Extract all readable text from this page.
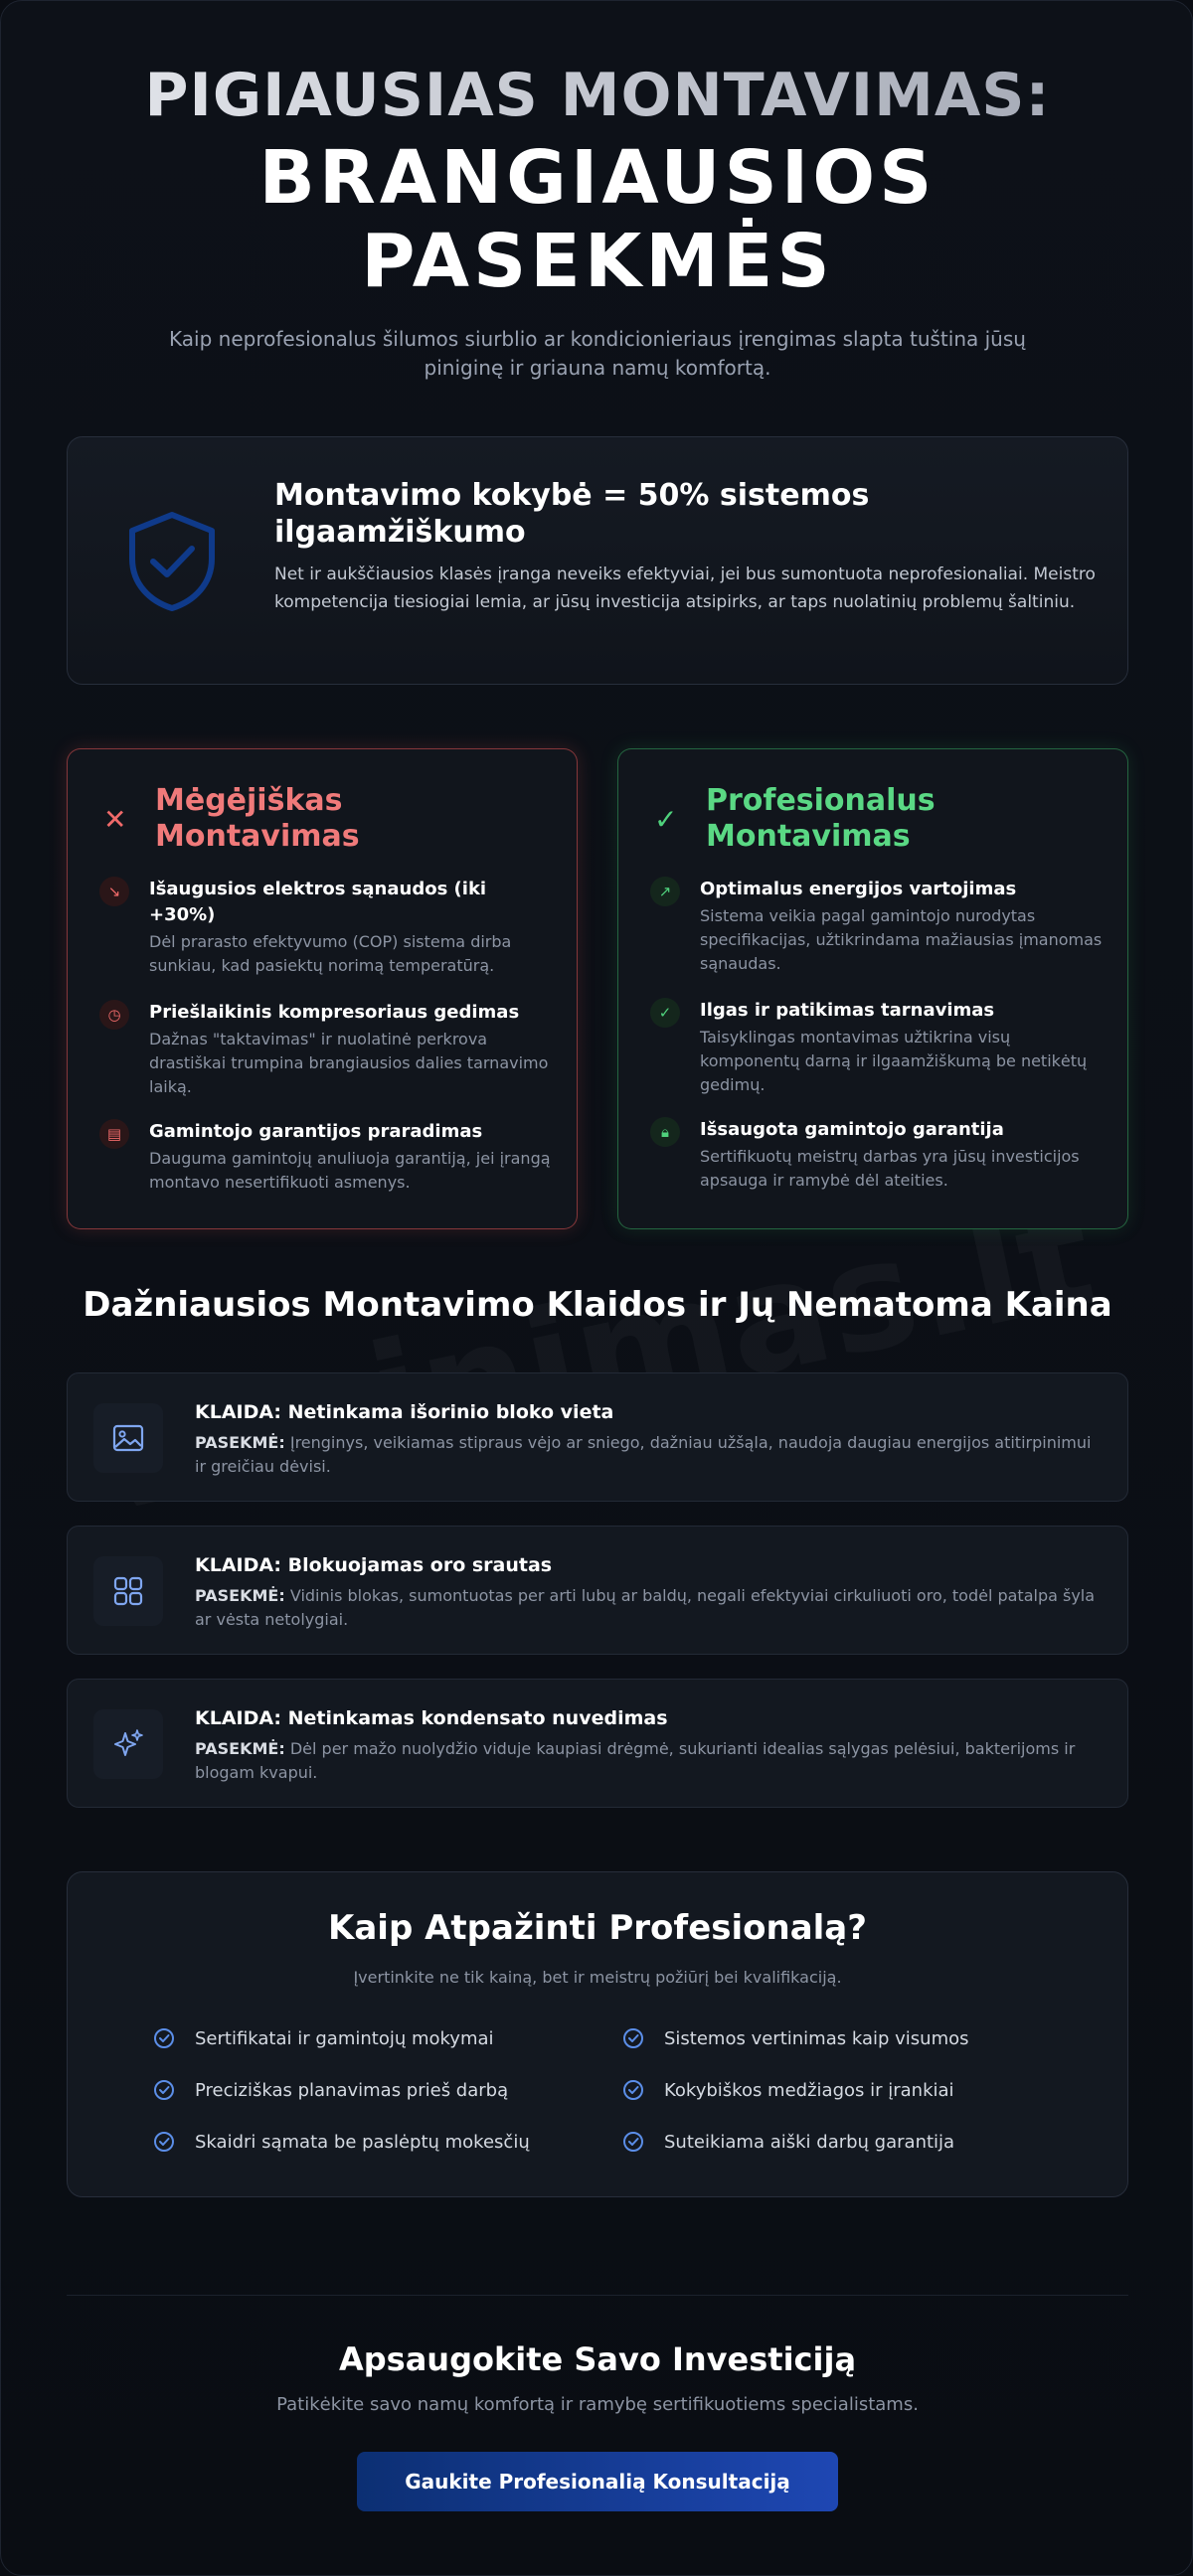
PIGIAUSIAS MONTAVIMAS:
BRANGIAUSIOS
PASEKMĖS
Kaip neprofesionalus šilumos siurblio ar kondicionieriaus įrengimas slapta tuština jūsų piniginę ir griauna namų komfortą.
Montavimo kokybė = 50% sistemos ilgaamžiškumo

Net ir aukščiausios klasės įranga neveiks efektyviai, jei bus sumontuota neprofesionaliai. Meistro kompetencija tiesiogiai lemia, ar jūsų investicija atsipirks, ar taps nuolatinių problemų šaltiniu.

✕
Mėgėjiškas Montavimas
↘	Išaugusios elektros sąnaudos (iki +30%)
Dėl prarasto efektyvumo (COP) sistema dirba sunkiau, kad pasiektų norimą temperatūrą.
◷	Priešlaikinis kompresoriaus gedimas
Dažnas "taktavimas" ir nuolatinė perkrova drastiškai trumpina brangiausios dalies tarnavimo laiką.
▤	Gamintojo garantijos praradimas
Dauguma gamintojų anuliuoja garantiją, jei įrangą montavo nesertifikuoti asmenys.
✓
Profesionalus Montavimas
↗	Optimalus energijos vartojimas
Sistema veikia pagal gamintojo nurodytas specifikacijas, užtikrindama mažiausias įmanomas sąnaudas.
✓	Ilgas ir patikimas tarnavimas
Taisyklingas montavimas užtikrina visų komponentų darną ir ilgaamžiškumą be netikėtų gedimų.
🔒︎	Išsaugota gamintojo garantija
Sertifikuotų meistrų darbas yra jūsų investicijos apsauga ir ramybė dėl ateities.
Dažniausios Montavimo Klaidos ir Jų Nematoma Kaina
KLAIDA: Netinkama išorinio bloko vieta
PASEKMĖ: Įrenginys, veikiamas stipraus vėjo ar sniego, dažniau užšąla, naudoja daugiau energijos atitirpinimui ir greičiau dėvisi.
KLAIDA: Blokuojamas oro srautas
PASEKMĖ: Vidinis blokas, sumontuotas per arti lubų ar baldų, negali efektyviai cirkuliuoti oro, todėl patalpa šyla ar vėsta netolygiai.
KLAIDA: Netinkamas kondensato nuvedimas
PASEKMĖ: Dėl per mažo nuolydžio viduje kaupiasi drėgmė, sukurianti idealias sąlygas pelėsiui, bakterijoms ir blogam kvapui.
Kaip Atpažinti Profesionalą?
Įvertinkite ne tik kainą, bet ir meistrų požiūrį bei kvalifikaciją.
Sertifikatai ir gamintojų mokymai	Sistemos vertinimas kaip visumos
Preciziškas planavimas prieš darbą	Kokybiškos medžiagos ir įrankiai
Skaidri sąmata be paslėptų mokesčių	Suteikiama aiški darbų garantija
Apsaugokite Savo Investiciją
Patikėkite savo namų komfortą ir ramybę sertifikuotiems specialistams.
Gaukite Profesionalią Konsultaciją
